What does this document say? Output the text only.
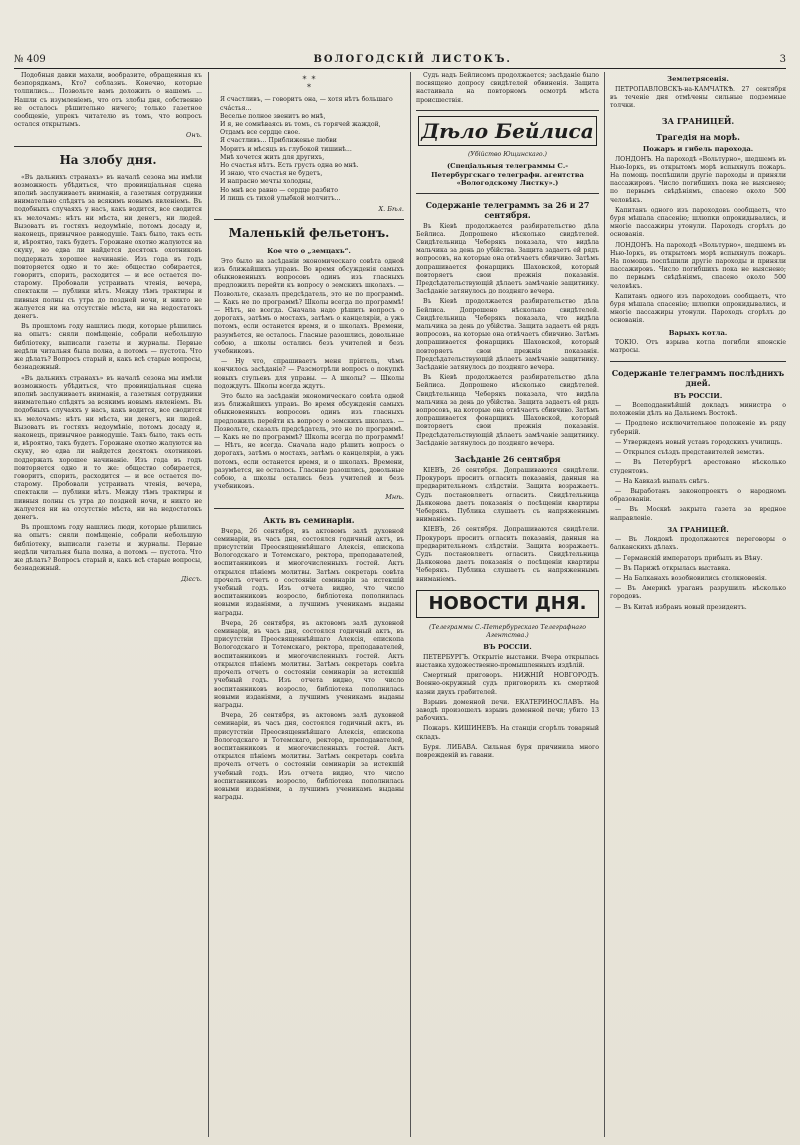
№ 409	ВОЛОГОДСКІЙ ЛИСТОКЪ.	3

Подобныя давки махали, вообразите, обращенныя къ безпорядкамъ, Кто? соблазнъ. Конечно, которые толпились... Позвольте вамъ доложить о нашемъ ... Нашли съ изумленіемъ, что отъ злобы дня, собственно не осталось рѣшительно ничего; только газетное сообщеніе, упрекъ читателю въ томъ, что вопросъ остался открытымъ.

Онъ.
На злобу дня.

«Въ дальнихъ странахъ» въ началѣ сезона мы имѣли возможность убѣдиться, что провинціальная сцена вполнѣ заслуживаетъ вниманія, а газетныя сотрудники внимательно слѣдятъ за всякимъ новымъ явленіемъ. Въ подобныхъ случаяхъ у насъ, какъ водится, все сводится къ мелочамъ: нѣтъ ни мѣста, ни денегъ, ни людей. Вызоватъ въ гостяхъ недоумѣніе, потомъ досаду и, наконецъ, привычное равнодушіе. Такъ было, такъ есть и, вѣроятно, такъ будетъ. Горожане охотно жалуются на скуку, но едва ли найдется десятокъ охотниковъ поддержать хорошее начинаніе. Изъ года въ годъ повторяется одно и то же: общество собирается, говоритъ, спорить, расходится — и все остается по-старому. Пробовали устраивать чтенія, вечера, спектакли — публики нѣтъ. Между тѣмъ трактиры и пивныя полны съ утра до поздней ночи, и никто не жалуется ни на отсутствіе мѣста, ни на недостатокъ денегъ.

Въ прошломъ году нашлись люди, которые рѣшились на опытъ: сняли помѣщеніе, собрали небольшую библіотеку, выписали газеты и журналы. Первые недѣли читальня была полна, а потомъ — пустота. Что же дѣлать? Вопросъ старый и, какъ всѣ старые вопросы, безнадежный.

«Въ дальнихъ странахъ» въ началѣ сезона мы имѣли возможность убѣдиться, что провинціальная сцена вполнѣ заслуживаетъ вниманія, а газетныя сотрудники внимательно слѣдятъ за всякимъ новымъ явленіемъ. Въ подобныхъ случаяхъ у насъ, какъ водится, все сводится къ мелочамъ: нѣтъ ни мѣста, ни денегъ, ни людей. Вызоватъ въ гостяхъ недоумѣніе, потомъ досаду и, наконецъ, привычное равнодушіе. Такъ было, такъ есть и, вѣроятно, такъ будетъ. Горожане охотно жалуются на скуку, но едва ли найдется десятокъ охотниковъ поддержать хорошее начинаніе. Изъ года въ годъ повторяется одно и то же: общество собирается, говоритъ, спорить, расходится — и все остается по-старому. Пробовали устраивать чтенія, вечера, спектакли — публики нѣтъ. Между тѣмъ трактиры и пивныя полны съ утра до поздней ночи, и никто не жалуется ни на отсутствіе мѣста, ни на недостатокъ денегъ.

Въ прошломъ году нашлись люди, которые рѣшились на опытъ: сняли помѣщеніе, собрали небольшую библіотеку, выписали газеты и журналы. Первые недѣли читальня была полна, а потомъ — пустота. Что же дѣлать? Вопросъ старый и, какъ всѣ старые вопросы, безнадежный.

Дієсъ.
*  *
*

Я счастливъ, — говоритъ она, — хотя нѣтъ большаго сча́стья...

Веселье полное звенитъ во мнѣ,

И я, не сомнѣваясь въ томъ, съ горячей жаждой,

Отдамъ все сердце свое.

Я счастливъ... Приближенье любви

Моритъ и мѣсяцъ въ глубокой тишинѣ...

Мнѣ хочется жить для другихъ,

Но счастья нѣтъ. Есть грусть одна во мнѣ.

И знаю, что счастья не будетъ,

И напрасно мечты холодны,

Но мнѣ все равно — сердце разбито

И лишь съ тихой улыбкой молчитъ...

Х. Бѣл.
Маленькій фельетонъ.
Кое что о „земцахъ“.

Это было на засѣданіи экономическаго совѣта одной изъ ближайшихъ управъ. Во время обсужденія самыхъ обыкновенныхъ вопросовъ одинъ изъ гласныхъ предложилъ перейти къ вопросу о земскихъ школахъ. — Позвольте, сказалъ предсѣдатель, это не по программѣ. — Какъ не по программѣ? Школы всегда по программѣ! — Нѣтъ, не всегда. Сначала надо рѣшить вопросъ о дорогахъ, затѣмъ о мостахъ, затѣмъ о канцеляріи, а ужъ потомъ, если останется время, и о школахъ. Времени, разумѣется, не осталось. Гласные разошлись, довольные собою, а школы остались безъ учителей и безъ учебниковъ.

— Ну что, спрашиваетъ меня пріятель, чѣмъ кончилось засѣданіе? — Разсмотрѣли вопросъ о покупкѣ новыхъ стульевъ для управы. — А школы? — Школы подождутъ. Школы всегда ждутъ.

Это было на засѣданіи экономическаго совѣта одной изъ ближайшихъ управъ. Во время обсужденія самыхъ обыкновенныхъ вопросовъ одинъ изъ гласныхъ предложилъ перейти къ вопросу о земскихъ школахъ. — Позвольте, сказалъ предсѣдатель, это не по программѣ. — Какъ не по программѣ? Школы всегда по программѣ! — Нѣтъ, не всегда. Сначала надо рѣшить вопросъ о дорогахъ, затѣмъ о мостахъ, затѣмъ о канцеляріи, а ужъ потомъ, если останется время, и о школахъ. Времени, разумѣется, не осталось. Гласные разошлись, довольные собою, а школы остались безъ учителей и безъ учебниковъ.

Мнѣ.
Акть въ семинаріи.

Вчера, 26 сентября, въ актовомъ залѣ духовной семинаріи, въ часъ дня, состоялся годичный актъ, въ присутствіи Преосвященнѣйшаго Алексія, епископа Вологодскаго и Тотемскаго, ректора, преподавателей, воспитанниковъ и многочисленныхъ гостей. Актъ открылся пѣніемъ молитвы. Затѣмъ секретарь совѣта прочелъ отчетъ о состояніи семинаріи за истекшій учебный годъ. Изъ отчета видно, что число воспитанниковъ возросло, библіотека пополнилась новыми изданіями, а лучшимъ ученикамъ выданы награды.

Вчера, 26 сентября, въ актовомъ залѣ духовной семинаріи, въ часъ дня, состоялся годичный актъ, въ присутствіи Преосвященнѣйшаго Алексія, епископа Вологодскаго и Тотемскаго, ректора, преподавателей, воспитанниковъ и многочисленныхъ гостей. Актъ открылся пѣніемъ молитвы. Затѣмъ секретарь совѣта прочелъ отчетъ о состояніи семинаріи за истекшій учебный годъ. Изъ отчета видно, что число воспитанниковъ возросло, библіотека пополнилась новыми изданіями, а лучшимъ ученикамъ выданы награды.

Вчера, 26 сентября, въ актовомъ залѣ духовной семинаріи, въ часъ дня, состоялся годичный актъ, въ присутствіи Преосвященнѣйшаго Алексія, епископа Вологодскаго и Тотемскаго, ректора, преподавателей, воспитанниковъ и многочисленныхъ гостей. Актъ открылся пѣніемъ молитвы. Затѣмъ секретарь совѣта прочелъ отчетъ о состояніи семинаріи за истекшій учебный годъ. Изъ отчета видно, что число воспитанниковъ возросло, библіотека пополнилась новыми изданіями, а лучшимъ ученикамъ выданы награды.

Судъ надъ Бейлисомъ продолжается; засѣданіе было посвящено допросу свидѣтелей обвиненія. Защита настаивала на повторномъ осмотрѣ мѣста происшествія.

Дѣло Бейлиса
(Убійство Ющинскаго.)
(Спеціальныя телеграммы С.-Петербургскаго телеграфн. агентства «Вологодскому Листку».)
Содержаніе телеграммъ за 26 и 27 сентября.

Въ Кіевѣ продолжается разбирательство дѣла Бейлиса. Допрошено нѣсколько свидѣтелей. Свидѣтельница Чеберякъ показала, что видѣла мальчика за день до убійства. Защита задаетъ ей рядъ вопросовъ, на которые она отвѣчаетъ сбивчиво. Затѣмъ допрашивается фонарщикъ Шаховской, который повторяетъ свои прежнія показанія. Предсѣдательствующій дѣлаетъ замѣчаніе защитнику. Засѣданіе затянулось до поздняго вечера.

Въ Кіевѣ продолжается разбирательство дѣла Бейлиса. Допрошено нѣсколько свидѣтелей. Свидѣтельница Чеберякъ показала, что видѣла мальчика за день до убійства. Защита задаетъ ей рядъ вопросовъ, на которые она отвѣчаетъ сбивчиво. Затѣмъ допрашивается фонарщикъ Шаховской, который повторяетъ свои прежнія показанія. Предсѣдательствующій дѣлаетъ замѣчаніе защитнику. Засѣданіе затянулось до поздняго вечера.

Въ Кіевѣ продолжается разбирательство дѣла Бейлиса. Допрошено нѣсколько свидѣтелей. Свидѣтельница Чеберякъ показала, что видѣла мальчика за день до убійства. Защита задаетъ ей рядъ вопросовъ, на которые она отвѣчаетъ сбивчиво. Затѣмъ допрашивается фонарщикъ Шаховской, который повторяетъ свои прежнія показанія. Предсѣдательствующій дѣлаетъ замѣчаніе защитнику. Засѣданіе затянулось до поздняго вечера.

Засѣданіе 26 сентября

КІЕВЪ, 26 сентября. Допрашиваются свидѣтели. Прокуроръ проситъ огласить показанія, данныя на предварительномъ слѣдствіи. Защита возражаетъ. Судъ постановляетъ огласить. Свидѣтельница Дьяконова даетъ показанія о посѣщеніи квартиры Чеберякъ. Публика слушаетъ съ напряженнымъ вниманіемъ.

КІЕВЪ, 26 сентября. Допрашиваются свидѣтели. Прокуроръ проситъ огласить показанія, данныя на предварительномъ слѣдствіи. Защита возражаетъ. Судъ постановляетъ огласить. Свидѣтельница Дьяконова даетъ показанія о посѣщеніи квартиры Чеберякъ. Публика слушаетъ съ напряженнымъ вниманіемъ.

НОВОСТИ ДНЯ.
(Телеграммы С.-Петербургскаго Телеграфнаго Агентства.)
ВЪ РОССІИ.

ПЕТЕРБУРГЪ. Открытіе выставки. Вчера открылась выставка художественно-промышленныхъ издѣлій.

Смертный приговоръ. НИЖНІЙ НОВГОРОДЪ. Военно-окружный судъ приговорилъ къ смертной казни двухъ грабителей.

Взрывъ доменной печи. ЕКАТЕРИНОСЛАВЪ. На заводѣ произошелъ взрывъ доменной печи; убито 13 рабочихъ.

Пожаръ. КИШИНЕВЪ. На станціи сгорѣлъ товарный складъ.

Буря. ЛИБАВА. Сильная буря причинила много поврежденій въ гавани.

Землетрясенія.

ПЕТРОПАВЛОВСКЪ-на-КАМЧАТКѢ. 27 сентября въ теченіе дня отмѣчены сильные подземные толчки.

ЗА ГРАНИЦЕЙ.
Трагедія на морѣ.
Пожаръ и гибель парохода.

ЛОНДОНЪ. На пароходѣ «Вольтурно», шедшемъ въ Нью-Іоркъ, въ открытомъ морѣ вспыхнулъ пожаръ. На помощь поспѣшили другіе пароходы и приняли пассажировъ. Число погибшихъ пока не выяснено; по первымъ свѣдѣніямъ, спасено около 500 человѣкъ.

Капитанъ одного изъ пароходовъ сообщаетъ, что буря мѣшала спасенію; шлюпки опрокидывались, и многіе пассажиры утонули. Пароходъ сгорѣлъ до основанія.

ЛОНДОНЪ. На пароходѣ «Вольтурно», шедшемъ въ Нью-Іоркъ, въ открытомъ морѣ вспыхнулъ пожаръ. На помощь поспѣшили другіе пароходы и приняли пассажировъ. Число погибшихъ пока не выяснено; по первымъ свѣдѣніямъ, спасено около 500 человѣкъ.

Капитанъ одного изъ пароходовъ сообщаетъ, что буря мѣшала спасенію; шлюпки опрокидывались, и многіе пассажиры утонули. Пароходъ сгорѣлъ до основанія.

Варыхъ котла.

ТОКІО. Отъ взрыва котла погибли японскіе матросы.

Содержаніе телеграммъ послѣднихъ дней.
ВЪ РОССІИ.

— Всеподданнѣйшій докладъ министра о положеніи дѣлъ на Дальнемъ Востокѣ.

— Продлено исключительное положеніе въ ряду губерній.

— Утвержденъ новый уставъ городскихъ училищъ.

— Открылся съѣздъ представителей земствъ.

— Въ Петербургѣ арестовано нѣсколько студентовъ.

— На Кавказѣ выпалъ снѣгъ.

— Выработанъ законопроектъ о народномъ образованіи.

— Въ Москвѣ закрыта газета за вредное направленіе.

ЗА ГРАНИЦЕЙ.

— Въ Лондонѣ продолжаются переговоры о балканскихъ дѣлахъ.

— Германскій императоръ прибылъ въ Вѣну.

— Въ Парижѣ открылась выставка.

— На Балканахъ возобновились столкновенія.

— Въ Америкѣ ураганъ разрушилъ нѣсколько городовъ.

— Въ Китаѣ избранъ новый президентъ.
